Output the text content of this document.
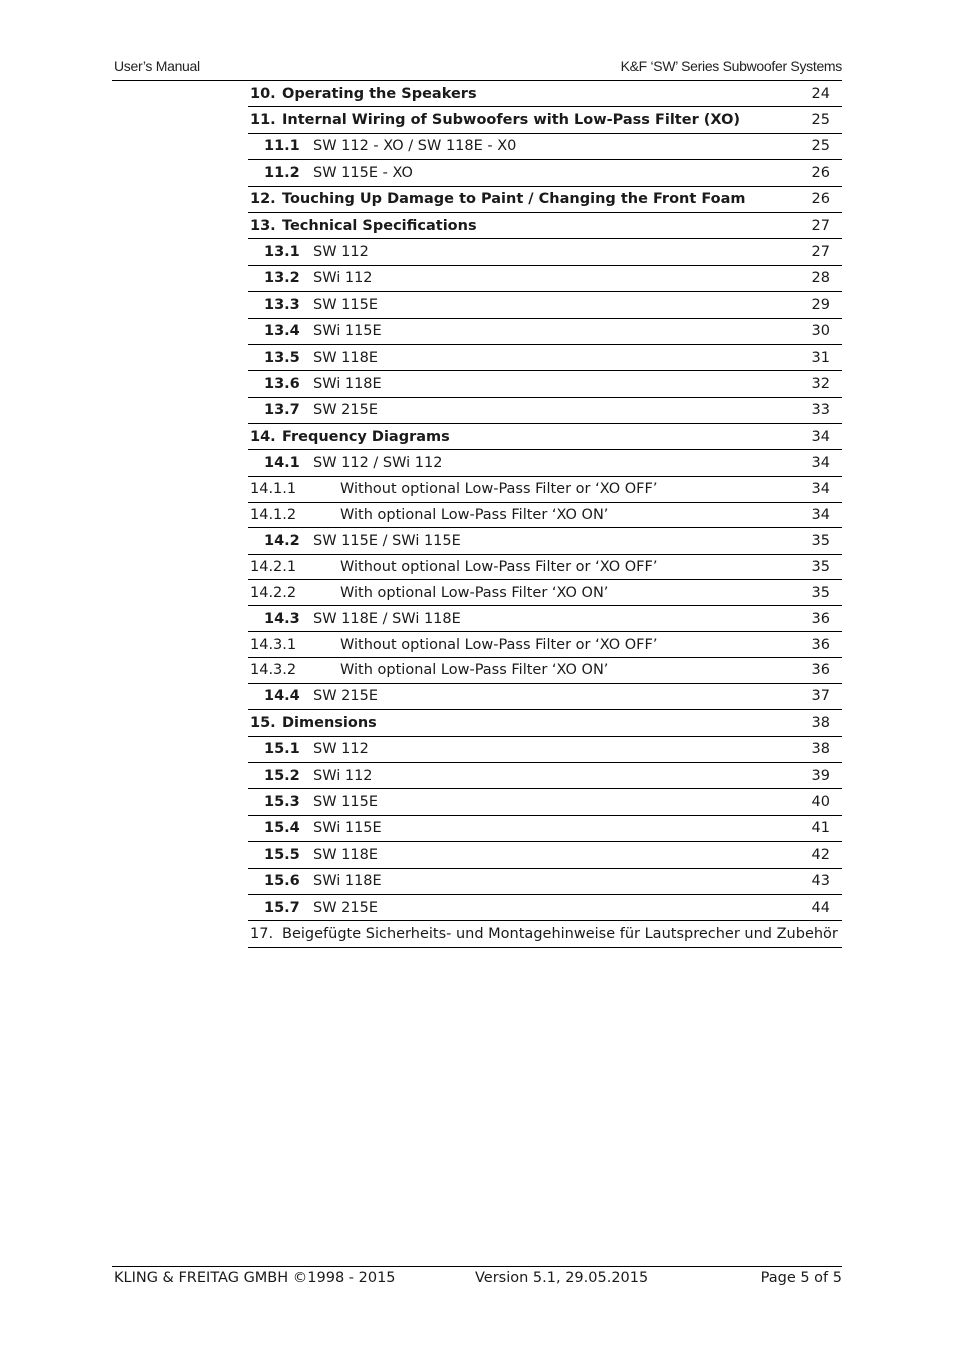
User’s Manual	K&F ‘SW’ Series Subwoofer Systems
10. Operating the Speakers	24
11. Internal Wiring of Subwoofers with Low-Pass Filter (XO)	25
11.1 SW 112 - XO / SW 118E - X0	25
11.2 SW 115E - XO	26
12. Touching Up Damage to Paint / Changing the Front Foam	26
13. Technical Specifications	27
13.1 SW 112	27
13.2 SWi 112	28
13.3 SW 115E	29
13.4 SWi 115E	30
13.5 SW 118E	31
13.6 SWi 118E	32
13.7 SW 215E	33
14. Frequency Diagrams	34
14.1 SW 112 / SWi 112	34
14.1.1	Without optional Low-Pass Filter or ‘XO OFF’	34
14.1.2	With optional Low-Pass Filter ‘XO ON’	34
14.2 SW 115E / SWi 115E	35
14.2.1	Without optional Low-Pass Filter or ‘XO OFF’	35
14.2.2	With optional Low-Pass Filter ‘XO ON’	35
14.3 SW 118E / SWi 118E	36
14.3.1	Without optional Low-Pass Filter or ‘XO OFF’	36
14.3.2	With optional Low-Pass Filter ‘XO ON’	36
14.4 SW 215E	37
15. Dimensions	38
15.1 SW 112	38
15.2 SWi 112	39
15.3 SW 115E	40
15.4 SWi 115E	41
15.5 SW 118E	42
15.6 SWi 118E	43
15.7 SW 215E	44
17. Beigefügte Sicherheits- und Montagehinweise für Lautsprecher und Zubehör
KLING & FREITAG GMBH ©1998 - 2015	Version 5.1, 29.05.2015	Page 5 of 5
